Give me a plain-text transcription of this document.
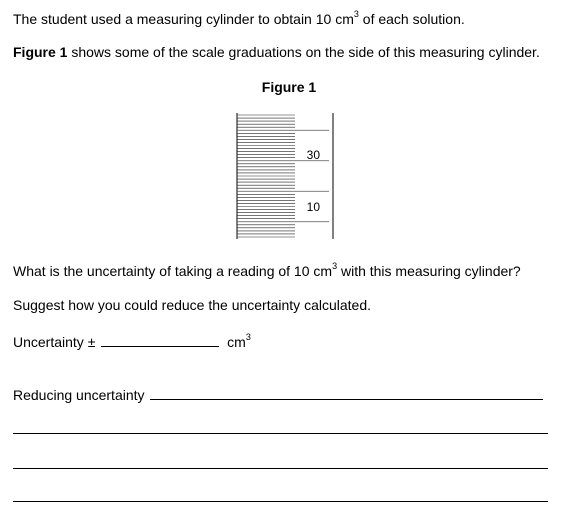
The student used a measuring cylinder to obtain 10 $cm^3$ of each solution.
Figure 1 shows some of the scale graduations on the side of this measuring cylinder.
Figure 1
30
10
What is the uncertainty of taking a reading of 10 $cm^3$ with this measuring cylinder?
Suggest how you could reduce the uncertainty calculated.
Uncertainty ±	$cm^3$
Reducing uncertainty
